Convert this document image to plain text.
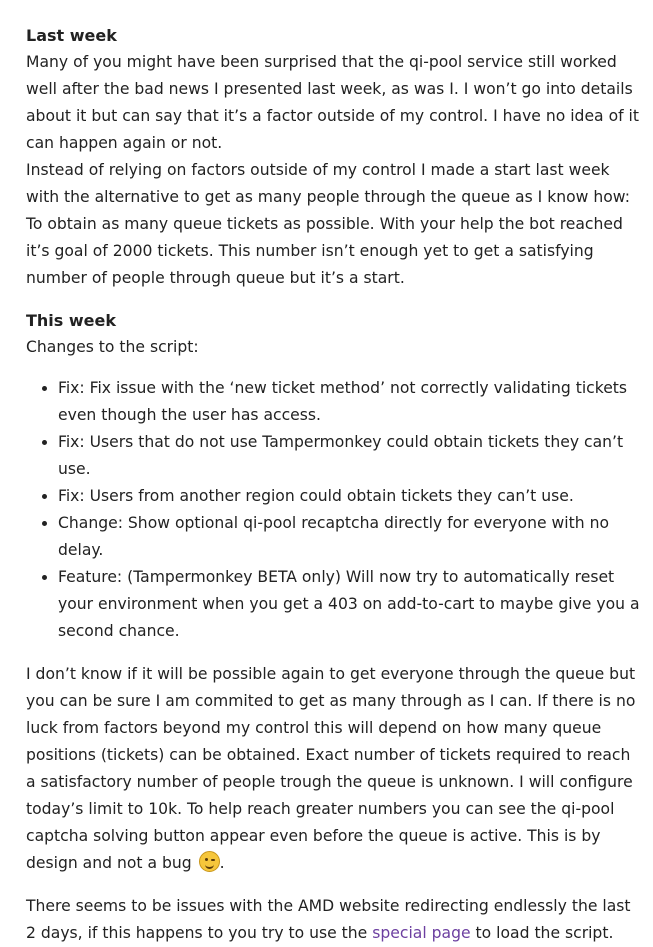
Last week

Many of you might have been surprised that the qi-pool service still worked well after the bad news I presented last week, as was I. I won’t go into details about it but can say that it’s a factor outside of my control. I have no idea of it can happen again or not.

Instead of relying on factors outside of my control I made a start last week with the alternative to get as many people through the queue as I know how: To obtain as many queue tickets as possible. With your help the bot reached it’s goal of 2000 tickets. This number isn’t enough yet to get a satisfying number of people through queue but it’s a start.

This week

Changes to the script:

• Fix: Fix issue with the ‘new ticket method’ not correctly validating tickets even though the user has access.
• Fix: Users that do not use Tampermonkey could obtain tickets they can’t use.
• Fix: Users from another region could obtain tickets they can’t use.
• Change: Show optional qi-pool recaptcha directly for everyone with no delay.
• Feature: (Tampermonkey BETA only) Will now try to automatically reset your environment when you get a 403 on add-to-cart to maybe give you a second chance.

I don’t know if it will be possible again to get everyone through the queue but you can be sure I am commited to get as many through as I can. If there is no luck from factors beyond my control this will depend on how many queue positions (tickets) can be obtained. Exact number of tickets required to reach a satisfactory number of people trough the queue is unknown. I will configure today’s limit to 10k. To help reach greater numbers you can see the qi-pool captcha solving button appear even before the queue is active. This is by design and not a bug .

There seems to be issues with the AMD website redirecting endlessly the last 2 days, if this happens to you try to use the special page to load the script.
